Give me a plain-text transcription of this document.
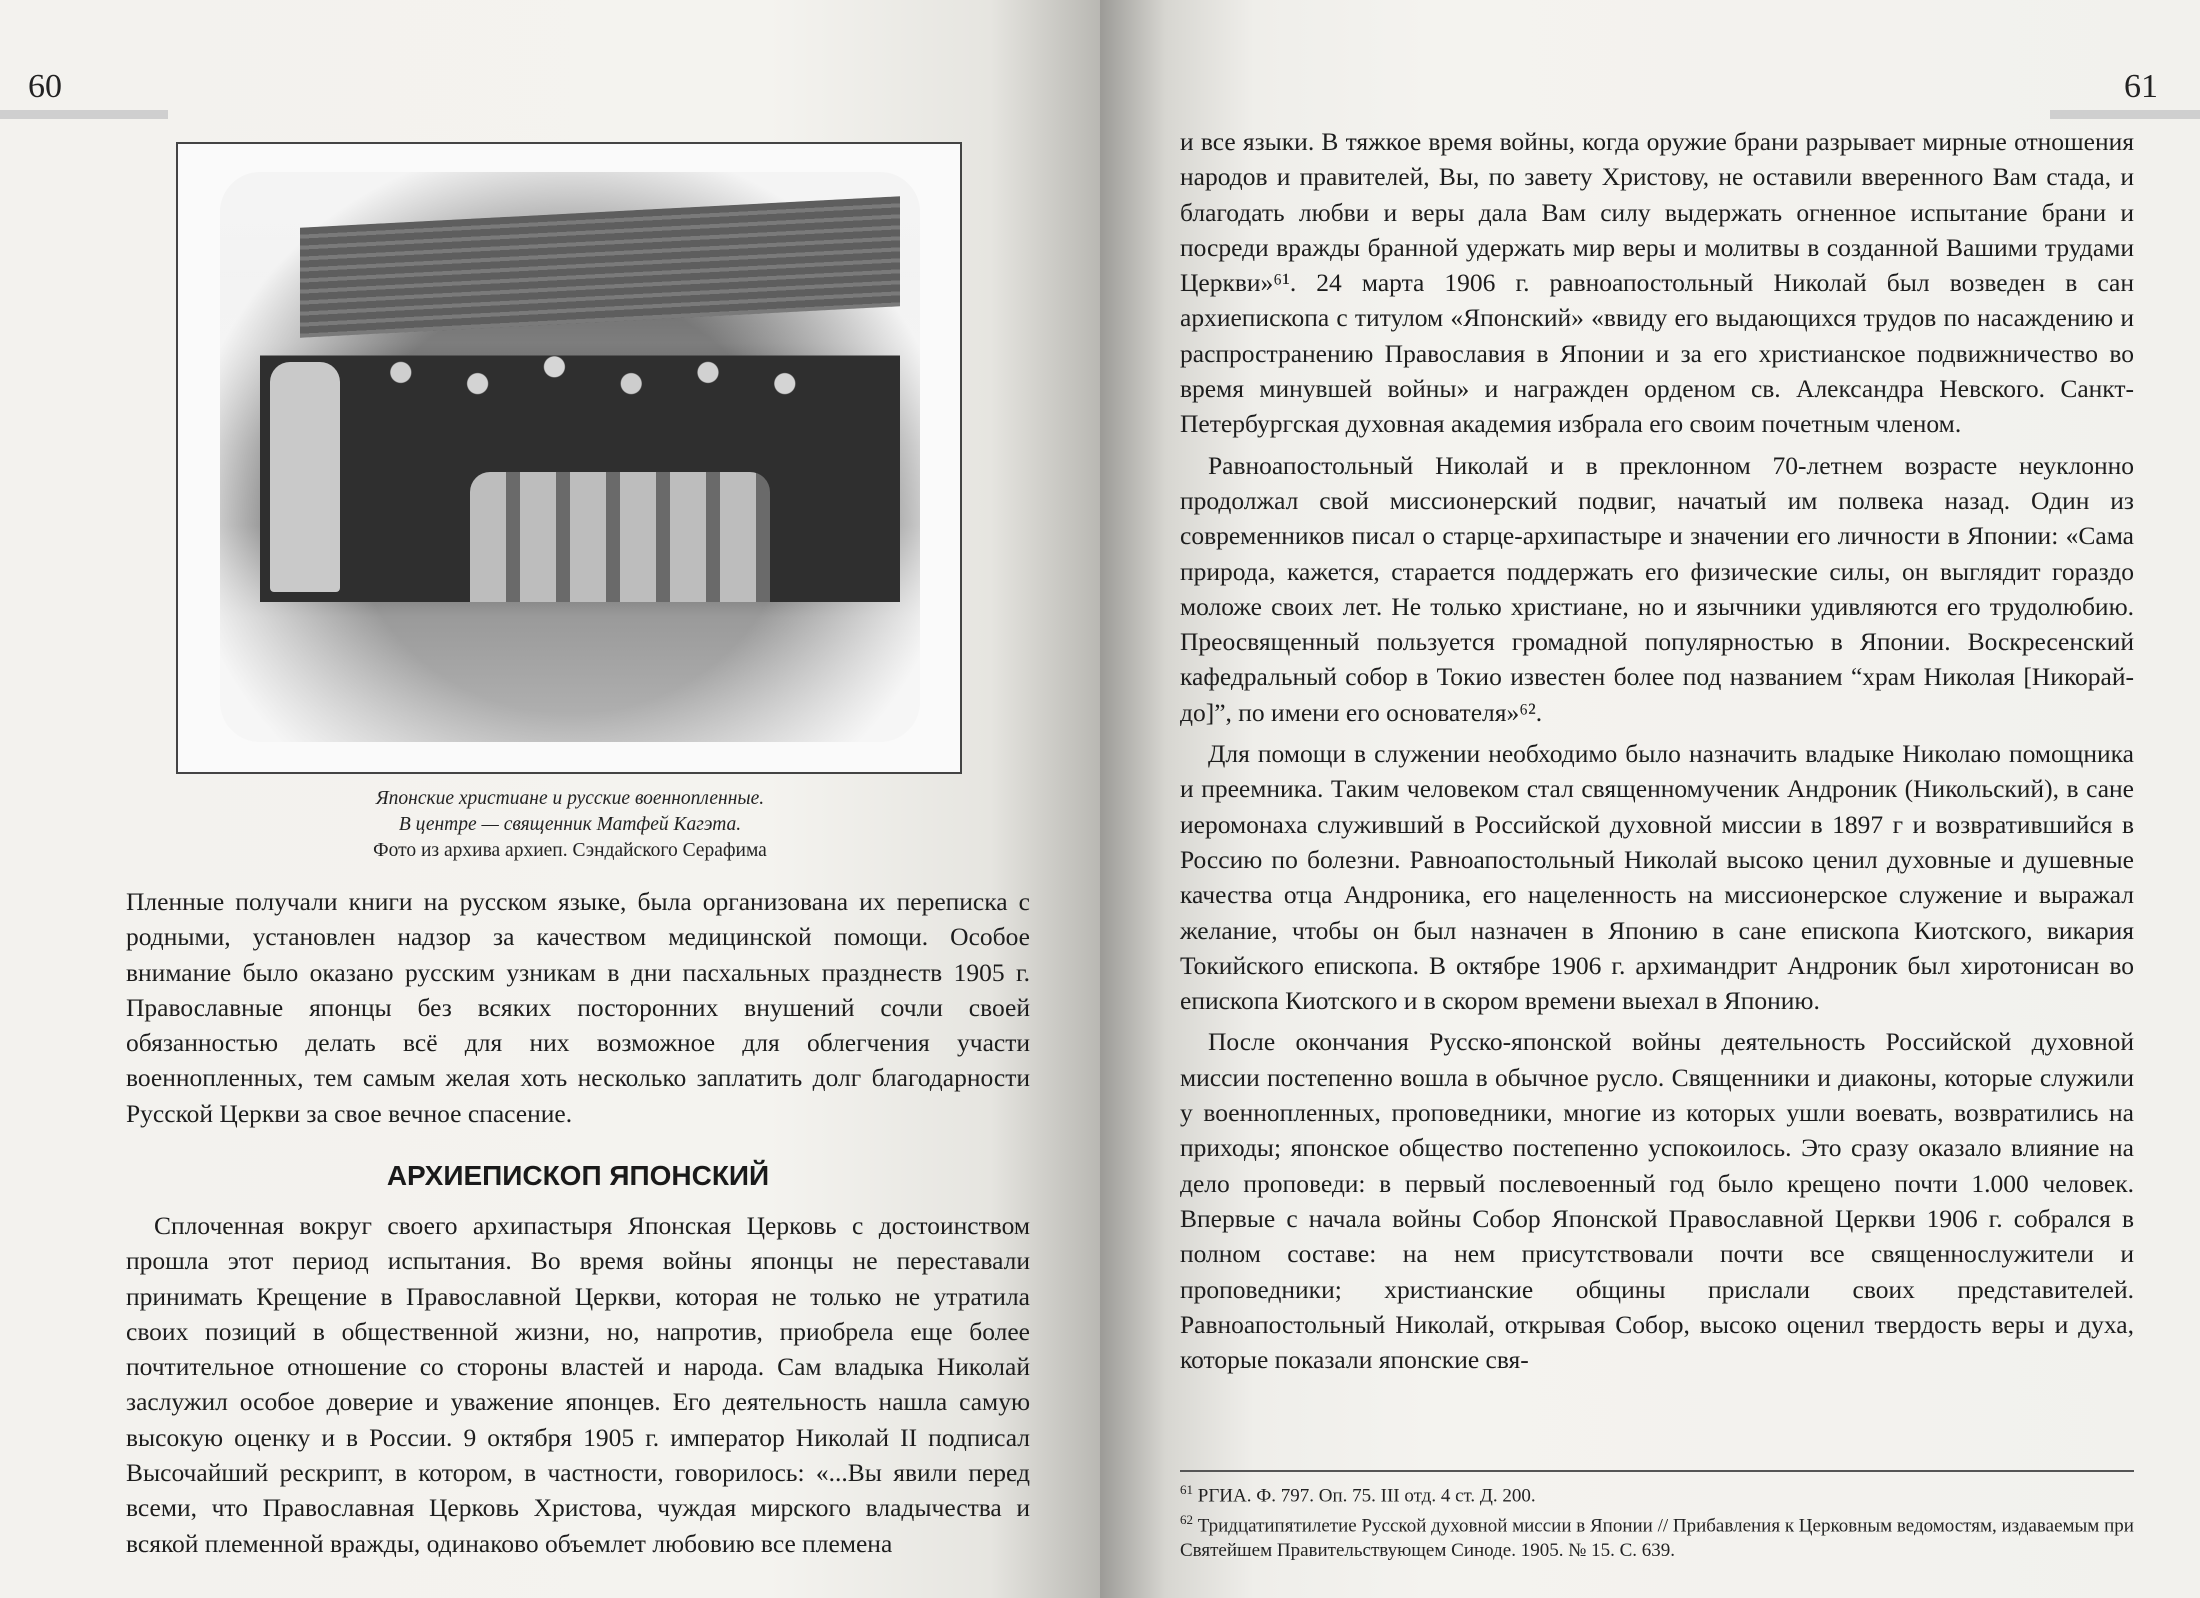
60
Японские христиане и русские военнопленные.
В центре — священник Матфей Кагэта.
Фото из архива архиеп. Сэндайского Серафима

Пленные получали книги на русском языке, была организована их переписка с родными, установлен надзор за качеством медицинской помощи. Особое внимание было оказано русским узникам в дни пасхальных празднеств 1905 г. Православные японцы без всяких посторонних внушений сочли своей обязанностью делать всё для них возможное для облегчения участи военнопленных, тем самым желая хоть несколько заплатить долг благодарности Русской Церкви за свое вечное спасение.

АРХИЕПИСКОП ЯПОНСКИЙ

Сплоченная вокруг своего архипастыря Японская Церковь с достоинством прошла этот период испытания. Во время войны японцы не переставали принимать Крещение в Православной Церкви, которая не только не утратила своих позиций в общественной жизни, но, напротив, приобрела еще более почтительное отношение со стороны властей и народа. Сам владыка Николай заслужил особое доверие и уважение японцев. Его деятельность нашла самую высокую оценку и в России. 9 октября 1905 г. император Николай II подписал Высочайший рескрипт, в котором, в частности, говорилось: «...Вы явили перед всеми, что Православная Церковь Христова, чуждая мирского владычества и всякой племенной вражды, одинаково объемлет любовию все племена

61

и все языки. В тяжкое время войны, когда оружие брани разрывает мирные отношения народов и правителей, Вы, по завету Христову, не оставили вверенного Вам стада, и благодать любви и веры дала Вам силу выдержать огненное испытание брани и посреди вражды бранной удержать мир веры и молитвы в созданной Вашими трудами Церкви»⁶¹. 24 марта 1906 г. равноапостольный Николай был возведен в сан архиепископа с титулом «Японский» «ввиду его выдающихся трудов по насаждению и распространению Православия в Японии и за его христианское подвижничество во время минувшей войны» и награжден орденом св. Александра Невского. Санкт-Петербургская духовная академия избрала его своим почетным членом.

Равноапостольный Николай и в преклонном 70-летнем возрасте неуклонно продолжал свой миссионерский подвиг, начатый им полвека назад. Один из современников писал о старце-архипастыре и значении его личности в Японии: «Сама природа, кажется, старается поддержать его физические силы, он выглядит гораздо моложе своих лет. Не только христиане, но и язычники удивляются его трудолюбию. Преосвященный пользуется громадной популярностью в Японии. Воскресенский кафедральный собор в Токио известен более под названием “храм Николая [Никорай-до]”, по имени его основателя»⁶².

Для помощи в служении необходимо было назначить владыке Николаю помощника и преемника. Таким человеком стал священномученик Андроник (Никольский), в сане иеромонаха служивший в Российской духовной миссии в 1897 г и возвратившийся в Россию по болезни. Равноапостольный Николай высоко ценил духовные и душевные качества отца Андроника, его нацеленность на миссионерское служение и выражал желание, чтобы он был назначен в Японию в сане епископа Киотского, викария Токийского епископа. В октябре 1906 г. архимандрит Андроник был хиротонисан во епископа Киотского и в скором времени выехал в Японию.

После окончания Русско-японской войны деятельность Российской духовной миссии постепенно вошла в обычное русло. Священники и диаконы, которые служили у военнопленных, проповедники, многие из которых ушли воевать, возвратились на приходы; японское общество постепенно успокоилось. Это сразу оказало влияние на дело проповеди: в первый послевоенный год было крещено почти 1.000 человек. Впервые с начала войны Собор Японской Православной Церкви 1906 г. собрался в полном составе: на нем присутствовали почти все священнослужители и проповедники; христианские общины прислали своих представителей. Равноапостольный Николай, открывая Собор, высоко оценил твердость веры и духа, которые показали японские свя-

$^{61}$ РГИА. Ф. 797. Оп. 75. III отд. 4 ст. Д. 200.

$^{62}$ Тридцатипятилетие Русской духовной миссии в Японии // Прибавления к Церковным ведомостям, издаваемым при Святейшем Правительствующем Синоде. 1905. № 15. С. 639.
